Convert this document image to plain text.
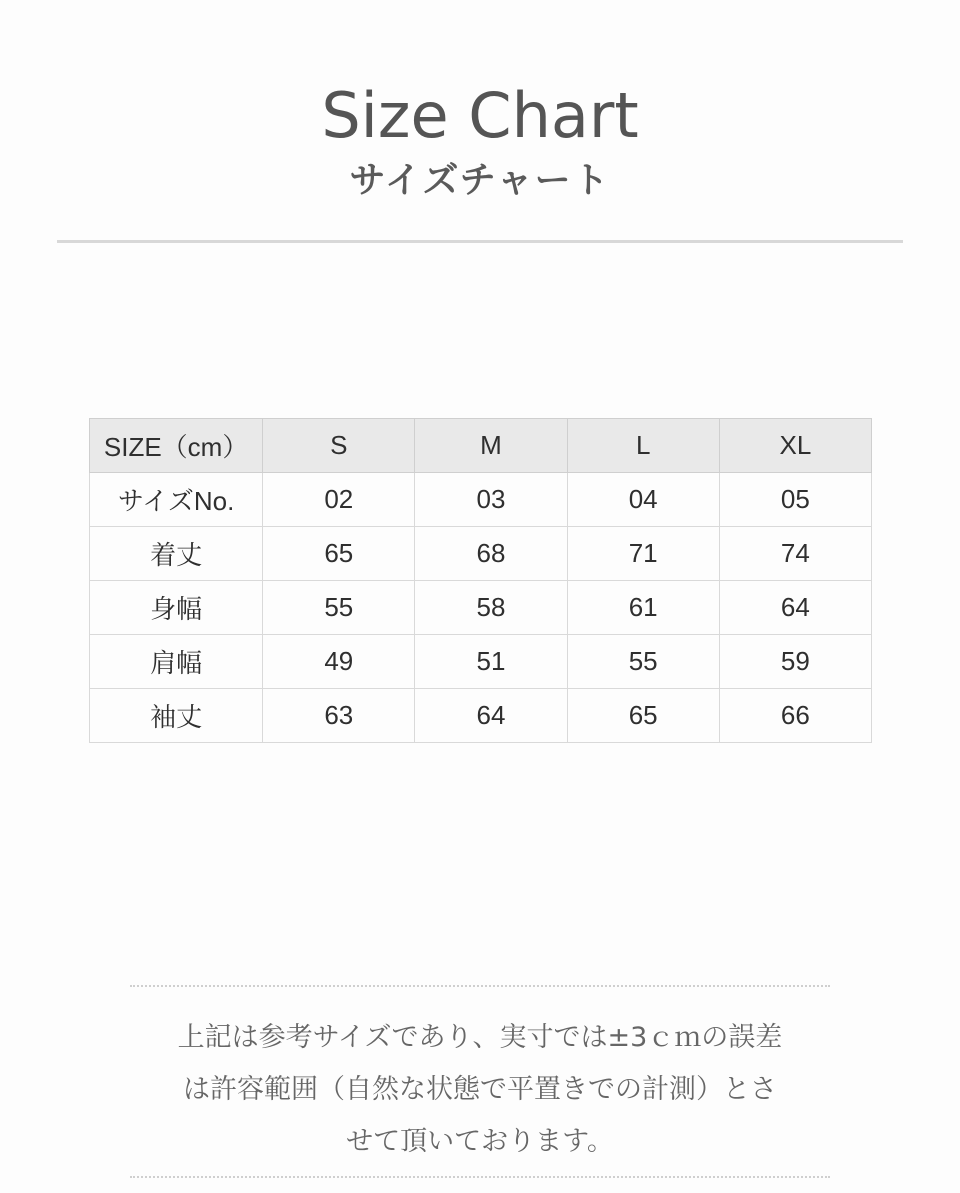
Size Chart
サイズチャート
SIZE（cm）	S	M	L	XL
サイズNo.	02	03	04	05
着丈	65	68	71	74
身幅	55	58	61	64
肩幅	49	51	55	59
袖丈	63	64	65	66
上記は参考サイズであり、実寸では±3ｃｍの誤差
は許容範囲（自然な状態で平置きでの計測）とさ
せて頂いております。
